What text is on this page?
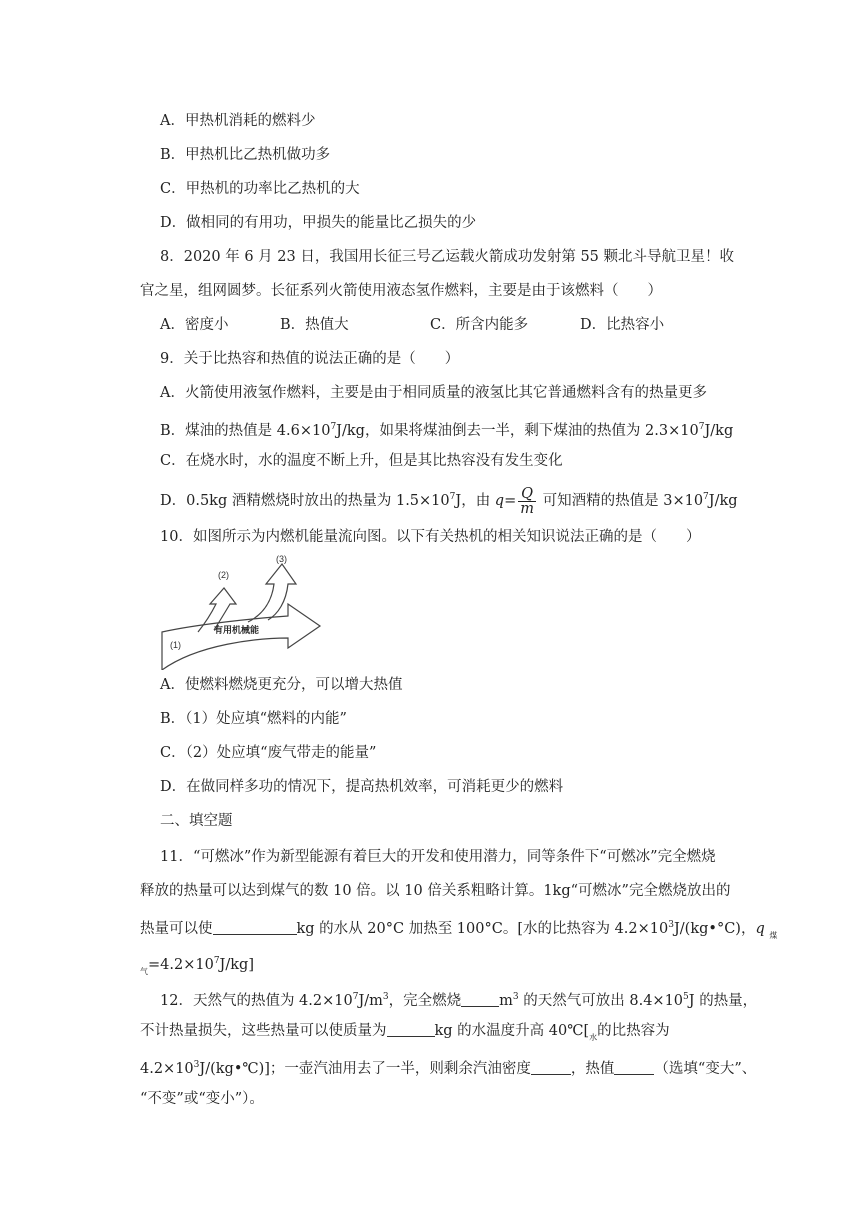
A．甲热机消耗的燃料少
B．甲热机比乙热机做功多
C．甲热机的功率比乙热机的大
D．做相同的有用功，甲损失的能量比乙损失的少
8．2020 年 6 月 23 日，我国用长征三号乙运载火箭成功发射第 55 颗北斗导航卫星！收
官之星，组网圆梦。长征系列火箭使用液态氢作燃料，主要是由于该燃料（　　）
A．密度小	B．热值大	C．所含内能多	D．比热容小
9．关于比热容和热值的说法正确的是（　　）
A．火箭使用液氢作燃料，主要是由于相同质量的液氢比其它普通燃料含有的热量更多
B．煤油的热值是 $4.6\times 10^7J/kg$，如果将煤油倒去一半，剩下煤油的热值为 $2.3\times 10^7J/kg$
C．在烧水时，水的温度不断上升，但是其比热容没有发生变化
D．0.5kg 酒精燃烧时放出的热量为 $1.5\times 10^7J$，由 $q= \frac{Q}{m}$ 可知酒精的热值是 $3\times 10^7J/kg$
10．如图所示为内燃机能量流向图。以下有关热机的相关知识说法正确的是（　　）
(1)
(2)
(3)
有用机械能
A．使燃料燃烧更充分，可以增大热值
B．（1）处应填“燃料的内能”
C．（2）处应填“废气带走的能量”
D．在做同样多功的情况下，提高热机效率，可消耗更少的燃料
二、填空题
11．“可燃冰”作为新型能源有着巨大的开发和使用潜力，同等条件下“可燃冰”完全燃烧
释放的热量可以达到煤气的数 10 倍。以 10 倍关系粗略计算。1kg“可燃冰”完全燃烧放出的
热量可以使	kg 的水从 20°C 加热至 100°C。[水的比热容为 $4.2\times 10^3J/(kg•^\circ C)$，q $_煤$
$_气=4.2\times 10^7J/kg$]
12．天然气的热值为 $4.2\times 10^7J/m^3$，完全燃烧	$m^3$ 的天然气可放出 $8.4\times 10^5J$ 的热量，
不计热量损失，这些热量可以使质量为	kg 的水温度升高 $40℃[_水$的比热容为
$4.2\times 10^3J/(kg•℃)$]；一壶汽油用去了一半，则剩余汽油密度	，热值	（选填“变大”、
“不变”或“变小”）。
